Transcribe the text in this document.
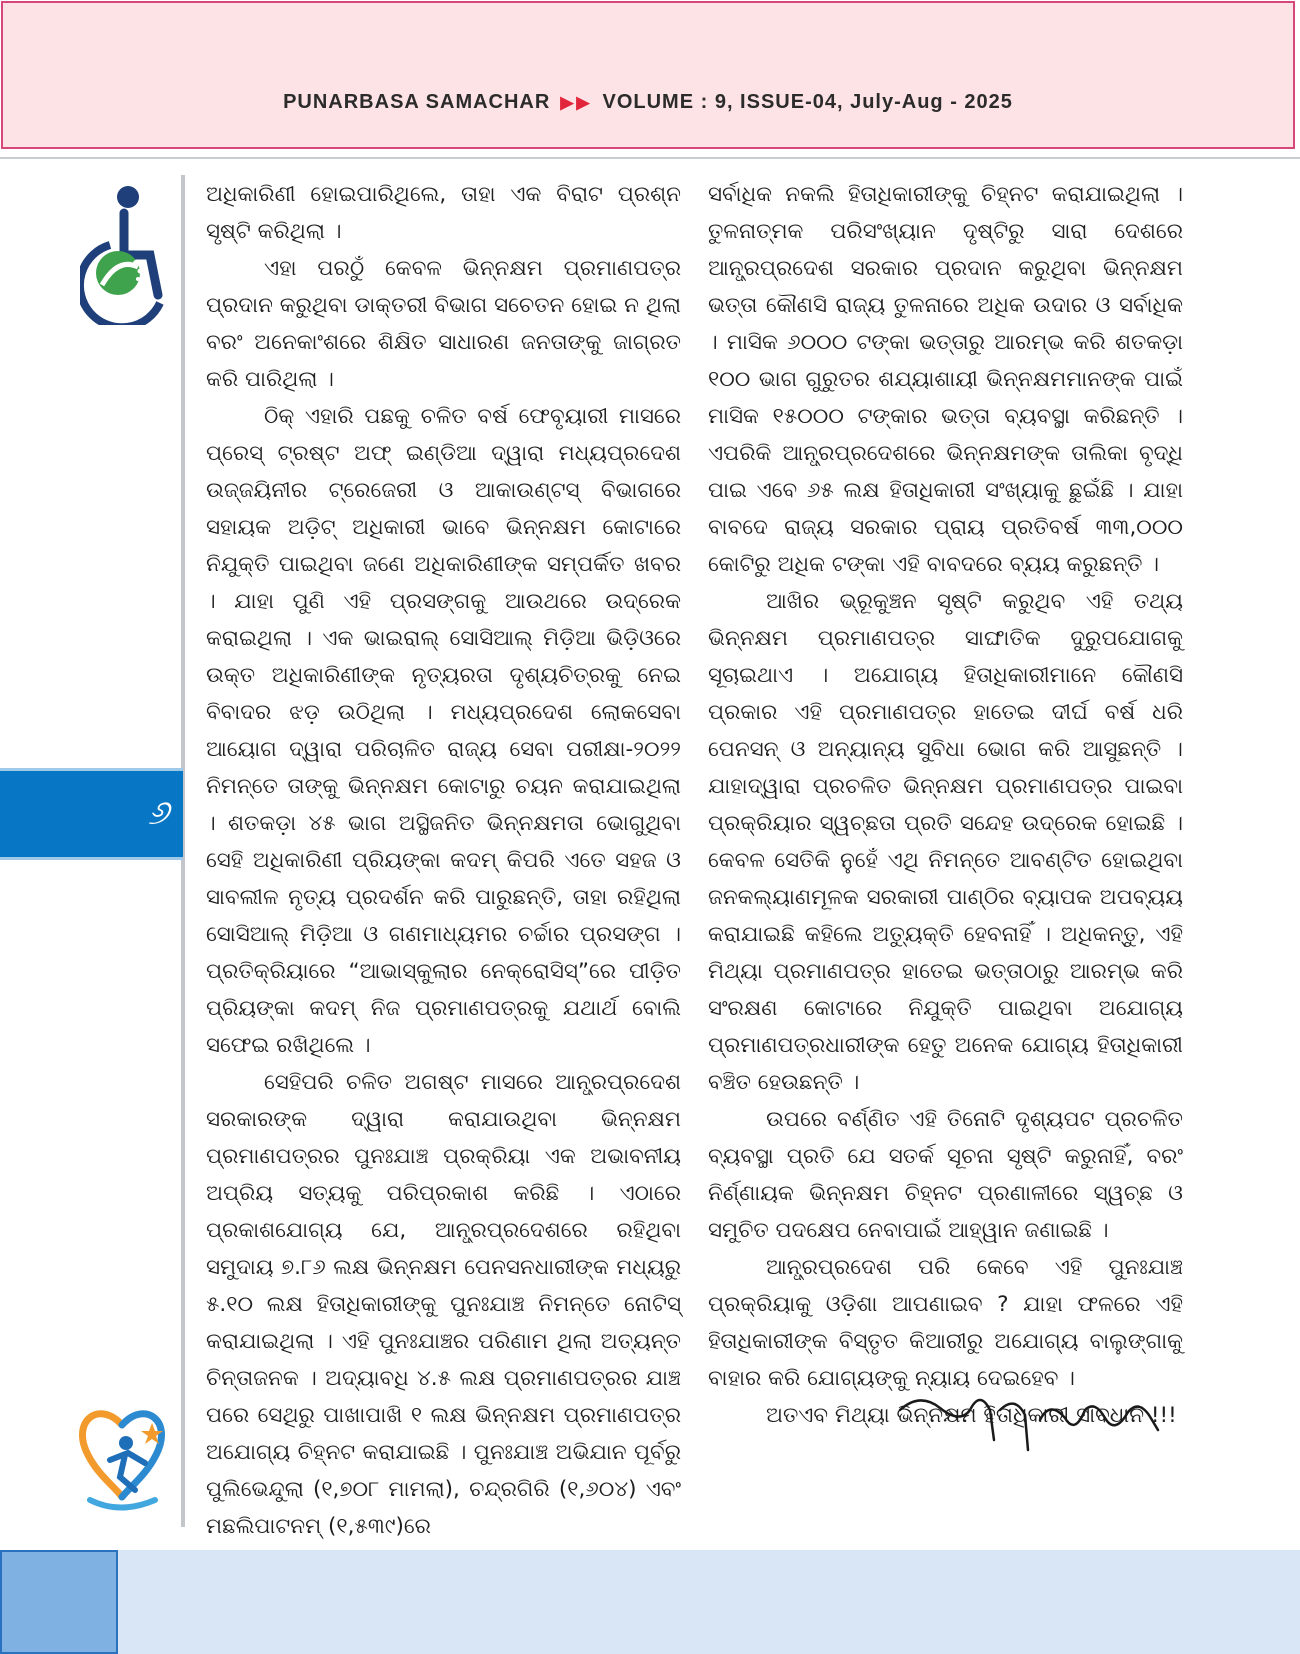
PUNARBASA SAMACHAR ▶▶ VOLUME : 9, ISSUE-04, July-Aug - 2025
୬

ଅଧିକାରିଣୀ ହୋଇପାରିଥିଲେ, ତାହା ଏକ ବିରାଟ ପ୍ରଶ୍ନ ସୃଷ୍ଟି କରିଥିଲା ।

ଏହା ପରଠୁଁ କେବଳ ଭିନ୍ନକ୍ଷମ ପ୍ରମାଣପତ୍ର ପ୍ରଦାନ କରୁଥିବା ଡାକ୍ତରୀ ବିଭାଗ ସଚେତନ ହୋଇ ନ ଥିଲା ବରଂ ଅନେକାଂଶରେ ଶିକ୍ଷିତ ସାଧାରଣ ଜନତାଙ୍କୁ ଜାଗ୍ରତ କରି ପାରିଥିଲା ।

ଠିକ୍ ଏହାରି ପଛକୁ ଚଳିତ ବର୍ଷ ଫେବୃୟାରୀ ମାସରେ ପ୍ରେସ୍ ଟ୍ରଷ୍ଟ ଅଫ୍ ଇଣ୍ଡିଆ ଦ୍ୱାରା ମଧ୍ୟପ୍ରଦେଶ ଉଜ୍ଜୟିନୀର ଟ୍ରେଜେରୀ ଓ ଆକାଉଣ୍ଟସ୍ ବିଭାଗରେ ସହାୟକ ଅଡ଼ିଟ୍ ଅଧିକାରୀ ଭାବେ ଭିନ୍ନକ୍ଷମ କୋଟାରେ ନିଯୁକ୍ତି ପାଇଥିବା ଜଣେ ଅଧିକାରିଣୀଙ୍କ ସମ୍ପର୍କିତ ଖବର । ଯାହା ପୁଣି ଏହି ପ୍ରସଙ୍ଗକୁ ଆଉଥରେ ଉଦ୍ରେକ କରାଇଥିଲା । ଏକ ଭାଇରାଲ୍ ସୋସିଆଲ୍ ମିଡ଼ିଆ ଭିଡ଼ିଓରେ ଉକ୍ତ ଅଧିକାରିଣୀଙ୍କ ନୃତ୍ୟରତା ଦୃଶ୍ୟଚିତ୍ରକୁ ନେଇ ବିବାଦର ଝଡ଼ ଉଠିଥିଲା । ମଧ୍ୟପ୍ରଦେଶ ଲୋକସେବା ଆୟୋଗ ଦ୍ୱାରା ପରିଚାଳିତ ରାଜ୍ୟ ସେବା ପରୀକ୍ଷା-୨୦୨୨ ନିମନ୍ତେ ତାଙ୍କୁ ଭିନ୍ନକ୍ଷମ କୋଟାରୁ ଚୟନ କରାଯାଇଥିଲା । ଶତକଡ଼ା ୪୫ ଭାଗ ଅସ୍ଥିଜନିତ ଭିନ୍ନକ୍ଷମତା ଭୋଗୁଥିବା ସେହି ଅଧିକାରିଣୀ ପ୍ରିୟଙ୍କା କଦମ୍ କିପରି ଏତେ ସହଜ ଓ ସାବଲୀଳ ନୃତ୍ୟ ପ୍ରଦର୍ଶନ କରି ପାରୁଛନ୍ତି, ତାହା ରହିଥିଲା ସୋସିଆଲ୍ ମିଡ଼ିଆ ଓ ଗଣମାଧ୍ୟମର ଚର୍ଚ୍ଚାର ପ୍ରସଙ୍ଗ । ପ୍ରତିକ୍ରିୟାରେ “ଆଭାସ୍କୁଲାର ନେକ୍ରୋସିସ୍”ରେ ପୀଡ଼ିତ ପ୍ରିୟଙ୍କା କଦମ୍ ନିଜ ପ୍ରମାଣପତ୍ରକୁ ଯଥାର୍ଥ ବୋଲି ସଫେଇ ରଖିଥିଲେ ।

ସେହିପରି ଚଳିତ ଅଗଷ୍ଟ ମାସରେ ଆନ୍ଧ୍ରପ୍ରଦେଶ ସରକାରଙ୍କ ଦ୍ୱାରା କରାଯାଉଥିବା ଭିନ୍ନକ୍ଷମ ପ୍ରମାଣପତ୍ରର ପୁନଃଯାଞ୍ଚ ପ୍ରକ୍ରିୟା ଏକ ଅଭାବନୀୟ ଅପ୍ରିୟ ସତ୍ୟକୁ ପରିପ୍ରକାଶ କରିଛି । ଏଠାରେ ପ୍ରକାଶଯୋଗ୍ୟ ଯେ, ଆନ୍ଧ୍ରପ୍ରଦେଶରେ ରହିଥିବା ସମୁଦାୟ ୭.୮୬ ଲକ୍ଷ ଭିନ୍ନକ୍ଷମ ପେନସନଧାରୀଙ୍କ ମଧ୍ୟରୁ ୫.୧୦ ଲକ୍ଷ ହିତାଧିକାରୀଙ୍କୁ ପୁନଃଯାଞ୍ଚ ନିମନ୍ତେ ନୋଟିସ୍ କରାଯାଇଥିଲା । ଏହି ପୁନଃଯାଞ୍ଚର ପରିଣାମ ଥିଲା ଅତ୍ୟନ୍ତ ଚିନ୍ତାଜନକ । ଅଦ୍ୟାବଧି ୪.୫ ଲକ୍ଷ ପ୍ରମାଣପତ୍ରର ଯାଞ୍ଚ ପରେ ସେଥିରୁ ପାଖାପାଖି ୧ ଲକ୍ଷ ଭିନ୍ନକ୍ଷମ ପ୍ରମାଣପତ୍ର ଅଯୋଗ୍ୟ ଚିହ୍ନଟ କରାଯାଇଛି । ପୁନଃଯାଞ୍ଚ ଅଭିଯାନ ପୂର୍ବରୁ ପୁଲିଭେନ୍ଦୁଲା (୧,୭୦୮ ମାମଲା), ଚନ୍ଦ୍ରଗିରି (୧,୬୦୪) ଏବଂ ମଛଲିପାଟନମ୍ (୧,୫୩୯)ରେ

ସର୍ବାଧିକ ନକଲି ହିତାଧିକାରୀଙ୍କୁ ଚିହ୍ନଟ କରାଯାଇଥିଲା । ତୁଳନାତ୍ମକ ପରିସଂଖ୍ୟାନ ଦୃଷ୍ଟିରୁ ସାରା ଦେଶରେ ଆନ୍ଧ୍ରପ୍ରଦେଶ ସରକାର ପ୍ରଦାନ କରୁଥିବା ଭିନ୍ନକ୍ଷମ ଭତ୍ତା କୌଣସି ରାଜ୍ୟ ତୁଳନାରେ ଅଧିକ ଉଦାର ଓ ସର୍ବାଧିକ । ମାସିକ ୬୦୦୦ ଟଙ୍କା ଭତ୍ତାରୁ ଆରମ୍ଭ କରି ଶତକଡ଼ା ୧୦୦ ଭାଗ ଗୁରୁତର ଶଯ୍ୟାଶାୟୀ ଭିନ୍ନକ୍ଷମମାନଙ୍କ ପାଇଁ ମାସିକ ୧୫୦୦୦ ଟଙ୍କାର ଭତ୍ତା ବ୍ୟବସ୍ଥା କରିଛନ୍ତି । ଏପରିକି ଆନ୍ଧ୍ରପ୍ରଦେଶରେ ଭିନ୍ନକ୍ଷମଙ୍କ ତାଲିକା ବୃଦ୍ଧି ପାଇ ଏବେ ୬୫ ଲକ୍ଷ ହିତାଧିକାରୀ ସଂଖ୍ୟାକୁ ଛୁଇଁଛି । ଯାହା ବାବଦେ ରାଜ୍ୟ ସରକାର ପ୍ରାୟ ପ୍ରତିବର୍ଷ ୩୩,୦୦୦ କୋଟିରୁ ଅଧିକ ଟଙ୍କା ଏହି ବାବଦରେ ବ୍ୟୟ କରୁଛନ୍ତି ।

ଆଖିର ଭ୍ରୂକୁଞ୍ଚନ ସୃଷ୍ଟି କରୁଥିବ ଏହି ତଥ୍ୟ ଭିନ୍ନକ୍ଷମ ପ୍ରମାଣପତ୍ର ସାଙ୍ଘାତିକ ଦୁରୁପଯୋଗକୁ ସୂଚାଇଥାଏ । ଅଯୋଗ୍ୟ ହିତାଧିକାରୀମାନେ କୌଣସି ପ୍ରକାର ଏହି ପ୍ରମାଣପତ୍ର ହାତେଇ ଦୀର୍ଘ ବର୍ଷ ଧରି ପେନସନ୍ ଓ ଅନ୍ୟାନ୍ୟ ସୁବିଧା ଭୋଗ କରି ଆସୁଛନ୍ତି । ଯାହାଦ୍ୱାରା ପ୍ରଚଳିତ ଭିନ୍ନକ୍ଷମ ପ୍ରମାଣପତ୍ର ପାଇବା ପ୍ରକ୍ରିୟାର ସ୍ୱଚ୍ଛତା ପ୍ରତି ସନ୍ଦେହ ଉଦ୍ରେକ ହୋଇଛି । କେବଳ ସେତିକି ନୁହେଁ ଏଥି ନିମନ୍ତେ ଆବଣ୍ଟିତ ହୋଇଥିବା ଜନକଲ୍ୟାଣମୂଳକ ସରକାରୀ ପାଣ୍ଠିର ବ୍ୟାପକ ଅପବ୍ୟୟ କରାଯାଇଛି କହିଲେ ଅତ୍ୟୁକ୍ତି ହେବନାହିଁ । ଅଧିକନ୍ତୁ, ଏହି ମିଥ୍ୟା ପ୍ରମାଣପତ୍ର ହାତେଇ ଭତ୍ତାଠାରୁ ଆରମ୍ଭ କରି ସଂରକ୍ଷଣ କୋଟାରେ ନିଯୁକ୍ତି ପାଇଥିବା ଅଯୋଗ୍ୟ ପ୍ରମାଣପତ୍ରଧାରୀଙ୍କ ହେତୁ ଅନେକ ଯୋଗ୍ୟ ହିତାଧିକାରୀ ବଞ୍ଚିତ ହେଉଛନ୍ତି ।

ଉପରେ ବର୍ଣ୍ଣିତ ଏହି ତିନୋଟି ଦୃଶ୍ୟପଟ ପ୍ରଚଳିତ ବ୍ୟବସ୍ଥା ପ୍ରତି ଯେ ସତର୍କ ସୂଚନା ସୃଷ୍ଟି କରୁନାହିଁ, ବରଂ ନିର୍ଣ୍ଣାୟକ ଭିନ୍ନକ୍ଷମ ଚିହ୍ନଟ ପ୍ରଣାଳୀରେ ସ୍ୱଚ୍ଛ ଓ ସମୁଚିତ ପଦକ୍ଷେପ ନେବାପାଇଁ ଆହ୍ୱାନ ଜଣାଇଛି ।

ଆନ୍ଧ୍ରପ୍ରଦେଶ ପରି କେବେ ଏହି ପୁନଃଯାଞ୍ଚ ପ୍ରକ୍ରିୟାକୁ ଓଡ଼ିଶା ଆପଣାଇବ ? ଯାହା ଫଳରେ ଏହି ହିତାଧିକାରୀଙ୍କ ବିସ୍ତୃତ କିଆରୀରୁ ଅଯୋଗ୍ୟ ବାଲୁଙ୍ଗାକୁ ବାହାର କରି ଯୋଗ୍ୟଙ୍କୁ ନ୍ୟାୟ ଦେଇହେବ ।

ଅତଏବ ମିଥ୍ୟା ଭିନ୍ନକ୍ଷମ ହିତାଧିକାରୀ ସାବଧାନ !!!
